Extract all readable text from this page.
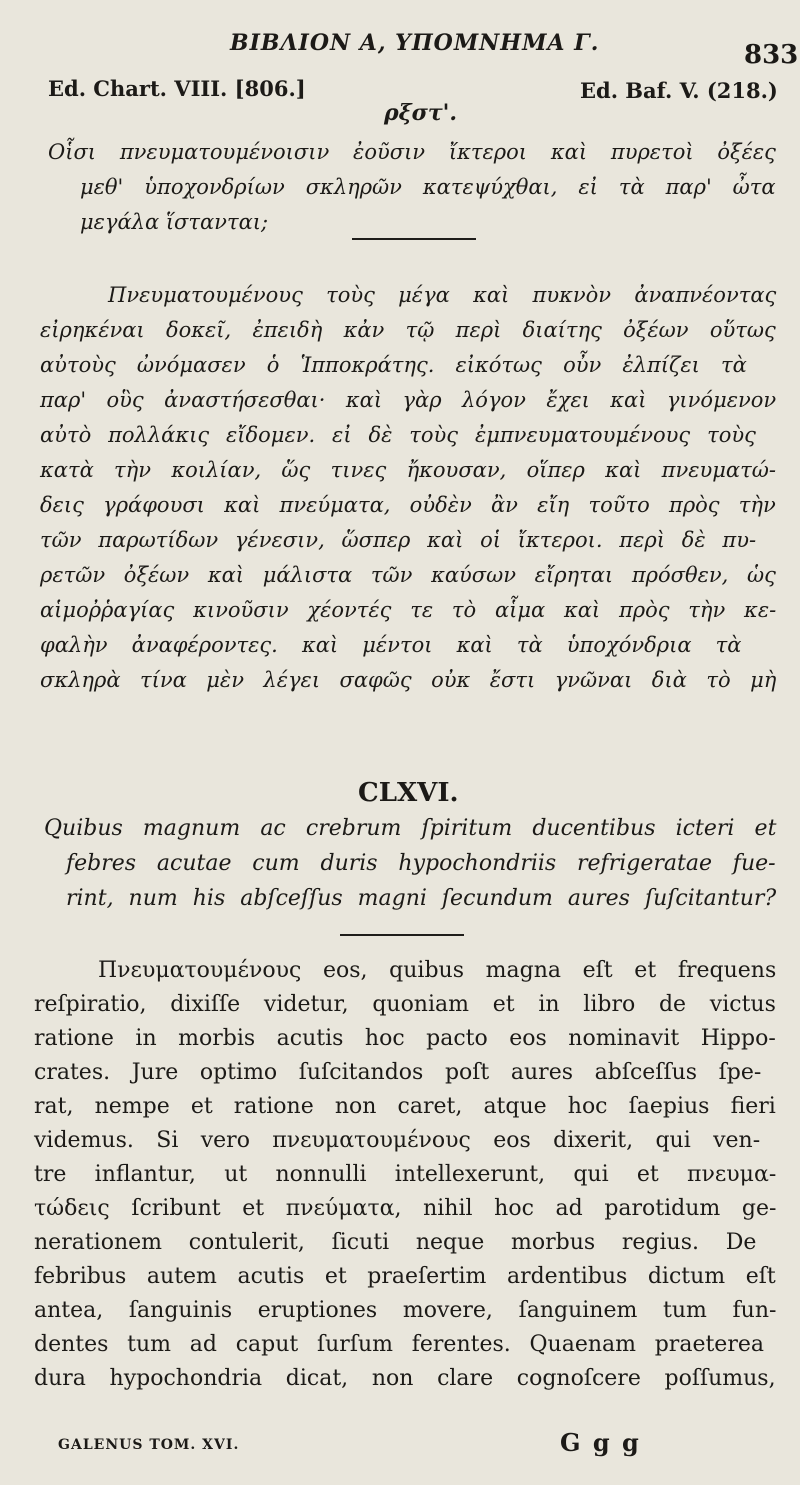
ΒΙΒΛΙΟΝ Α, ΥΠΟΜΝΗΜΑ Γ.	833
Ed. Chart. VIII. [806.]	Ed. Baf. V. (218.)
ρξστ'.
Οἷσι πνευματουμένοισιν ἐοῦσιν ἴκτεροι καὶ πυρετοὶ ὀξέες
μεθ' ὑποχονδρίων σκληρῶν κατεψύχθαι, εἰ τὰ παρ' ὦτα
μεγάλα ἵστανται;
Πνευματουμένους τοὺς μέγα καὶ πυκνὸν ἀναπνέοντας
εἰρηκέναι δοκεῖ, ἐπειδὴ κἀν τῷ περὶ διαίτης ὀξέων οὕτως
αὐτοὺς ὠνόμασεν ὁ Ἱπποκράτης. εἰκότως οὖν ἐλπίζει τὰ
παρ' οὓς ἀναστήσεσθαι· καὶ γὰρ λόγον ἔχει καὶ γινόμενον
αὐτὸ πολλάκις εἴδομεν. εἰ δὲ τοὺς ἐμπνευματουμένους τοὺς
κατὰ τὴν κοιλίαν, ὥς τινες ἤκουσαν, οἵπερ καὶ πνευματώ-
δεις γράφουσι καὶ πνεύματα, οὐδὲν ἂν εἴη τοῦτο πρὸς τὴν
τῶν παρωτίδων γένεσιν, ὥσπερ καὶ οἱ ἴκτεροι. περὶ δὲ πυ-
ρετῶν ὀξέων καὶ μάλιστα τῶν καύσων εἴρηται πρόσθεν, ὡς
αἱμοῤῥαγίας κινοῦσιν χέοντές τε τὸ αἷμα καὶ πρὸς τὴν κε-
φαλὴν ἀναφέροντες. καὶ μέντοι καὶ τὰ ὑποχόνδρια τὰ
σκληρὰ τίνα μὲν λέγει σαφῶς οὐκ ἔστι γνῶναι διὰ τὸ μὴ
CLXVI.
Quibus magnum ac crebrum ſpiritum ducentibus icteri et
febres acutae cum duris hypochondriis refrigeratae fue-
rint, num his abſceſſus magni ſecundum aures ſuſcitantur?
Πνευματουμένους eos, quibus magna eſt et frequens
reſpiratio, dixiſſe videtur, quoniam et in libro de victus
ratione in morbis acutis hoc pacto eos nominavit Hippo-
crates. Jure optimo ſuſcitandos poſt aures abſceſſus ſpe-
rat, nempe et ratione non caret, atque hoc ſaepius fieri
videmus. Si vero πνευματουμένους eos dixerit, qui ven-
tre inflantur, ut nonnulli intellexerunt, qui et πνευμα-
τώδεις ſcribunt et πνεύματα, nihil hoc ad parotidum ge-
nerationem contulerit, ſicuti neque morbus regius. De
febribus autem acutis et praeſertim ardentibus dictum eſt
antea, ſanguinis eruptiones movere, ſanguinem tum fun-
dentes tum ad caput ſurſum ferentes. Quaenam praeterea
dura hypochondria dicat, non clare cognoſcere poſſumus,
GALENUS TOM. XVI.	G g g
